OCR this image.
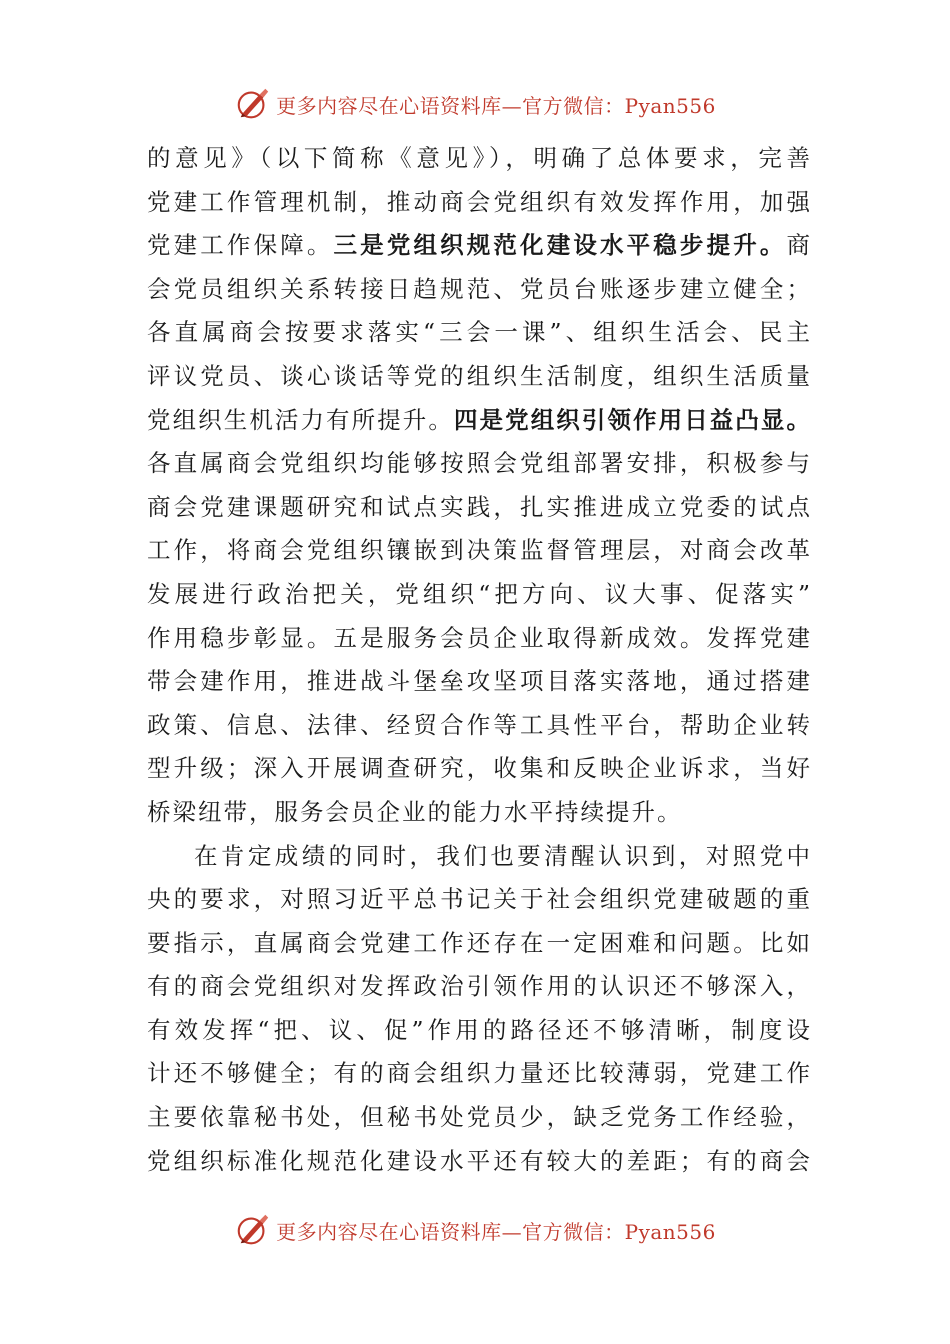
更多内容尽在心语资料库—官方微信：Pyan556
的意见》（以下简称《意见》），明确了总体要求，完善
党建工作管理机制，推动商会党组织有效发挥作用，加强
党建工作保障。三是党组织规范化建设水平稳步提升。商
会党员组织关系转接日趋规范、党员台账逐步建立健全；
各直属商会按要求落实“三会一课”、组织生活会、民主
评议党员、谈心谈话等党的组织生活制度，组织生活质量
党组织生机活力有所提升。四是党组织引领作用日益凸显。
各直属商会党组织均能够按照会党组部署安排，积极参与
商会党建课题研究和试点实践，扎实推进成立党委的试点
工作，将商会党组织镶嵌到决策监督管理层，对商会改革
发展进行政治把关，党组织“把方向、议大事、促落实”
作用稳步彰显。五是服务会员企业取得新成效。发挥党建
带会建作用，推进战斗堡垒攻坚项目落实落地，通过搭建
政策、信息、法律、经贸合作等工具性平台，帮助企业转
型升级；深入开展调查研究，收集和反映企业诉求，当好
桥梁纽带，服务会员企业的能力水平持续提升。
在肯定成绩的同时，我们也要清醒认识到，对照党中
央的要求，对照习近平总书记关于社会组织党建破题的重
要指示，直属商会党建工作还存在一定困难和问题。比如
有的商会党组织对发挥政治引领作用的认识还不够深入，
有效发挥“把、议、促”作用的路径还不够清晰，制度设
计还不够健全；有的商会组织力量还比较薄弱，党建工作
主要依靠秘书处，但秘书处党员少，缺乏党务工作经验，
党组织标准化规范化建设水平还有较大的差距；有的商会
更多内容尽在心语资料库—官方微信：Pyan556
